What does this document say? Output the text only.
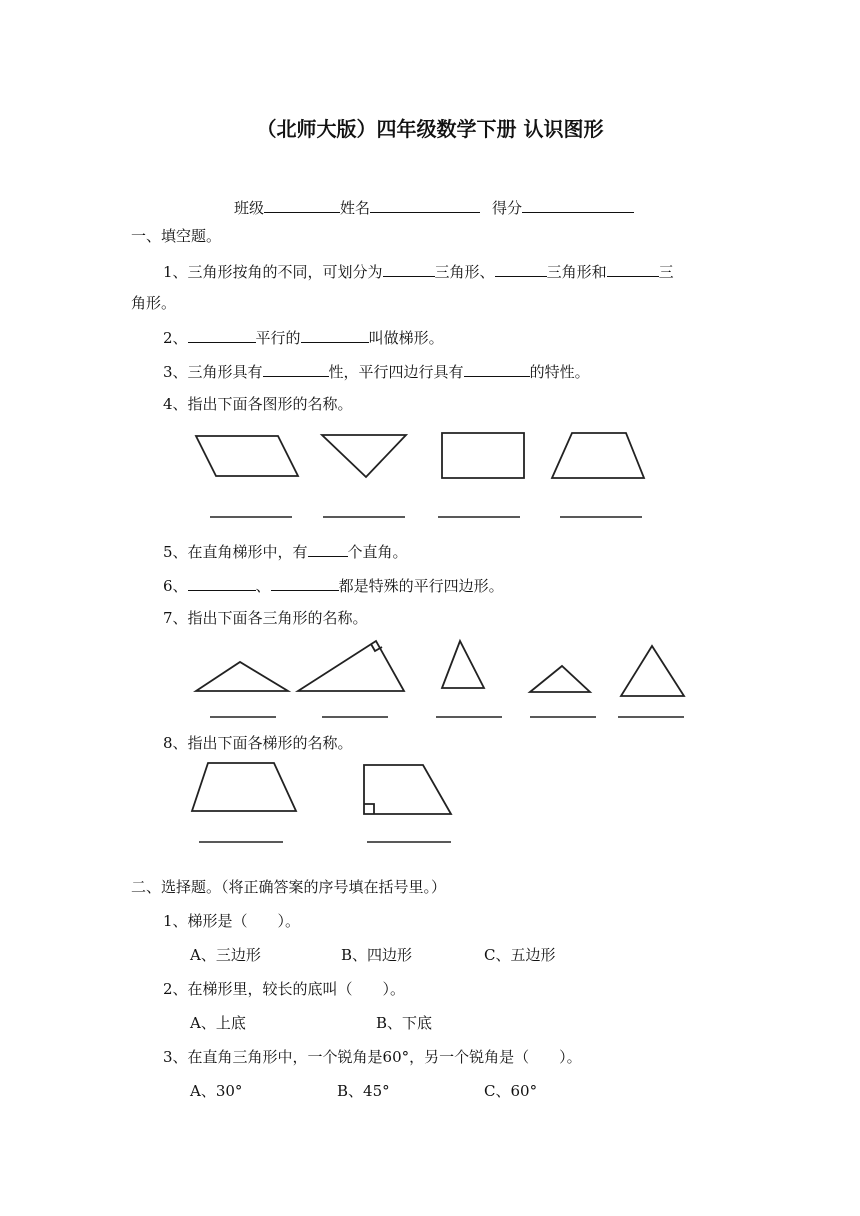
（北师大版）四年级数学下册 认识图形
班级	姓名	得分
一、填空题。
1、三角形按角的不同，可划分为	三角形、	三角形和	三
角形。
2、	平行的	叫做梯形。
3、三角形具有	性，平行四边行具有	的特性。
4、指出下面各图形的名称。
5、在直角梯形中，有	个直角。
6、	、	都是特殊的平行四边形。
7、指出下面各三角形的名称。
8、指出下面各梯形的名称。
二、选择题。（将正确答案的序号填在括号里。）
1、梯形是（　　）。
A、三边形	B、四边形	C、五边形
2、在梯形里，较长的底叫（　　）。
A、上底	B、下底
3、在直角三角形中，一个锐角是60°，另一个锐角是（　　）。
A、30°	B、45°	C、60°
